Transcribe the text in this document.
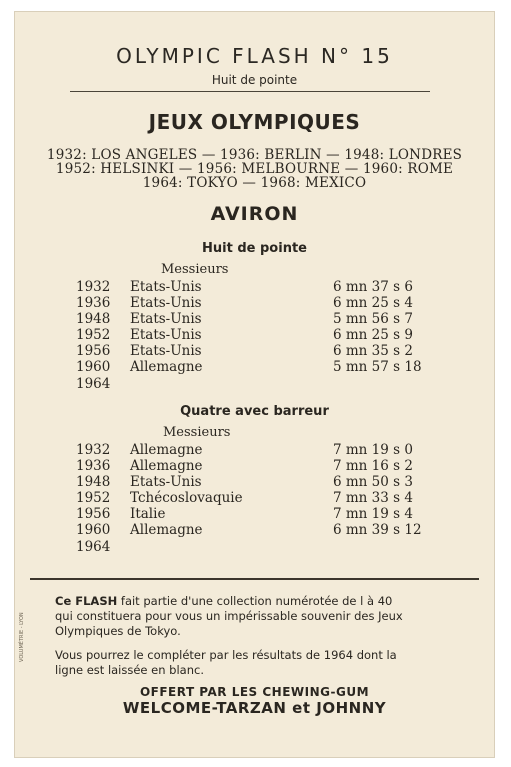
OLYMPIC FLASH N° 15
Huit de pointe
JEUX OLYMPIQUES
1932: LOS ANGELES — 1936: BERLIN — 1948: LONDRES
1952: HELSINKI — 1956: MELBOURNE — 1960: ROME
1964: TOKYO — 1968: MEXICO
AVIRON
Huit de pointe
Messieurs
1932 Etats-Unis	6 mn 37 s 6
1936 Etats-Unis	6 mn 25 s 4
1948 Etats-Unis	5 mn 56 s 7
1952 Etats-Unis	6 mn 25 s 9
1956 Etats-Unis	6 mn 35 s 2
1960 Allemagne	5 mn 57 s 18
1964
Quatre avec barreur
Messieurs
1932 Allemagne	7 mn 19 s 0
1936 Allemagne	7 mn 16 s 2
1948 Etats-Unis	6 mn 50 s 3
1952 Tchécoslovaquie	7 mn 33 s 4
1956 Italie	7 mn 19 s 4
1960 Allemagne	6 mn 39 s 12
1964
Ce FLASH fait partie d'une collection numérotée de l à 40
qui constituera pour vous un impérissable souvenir des Jeux
Olympiques de Tokyo.
Vous pourrez le compléter par les résultats de 1964 dont la
ligne est laissée en blanc.
OFFERT PAR LES CHEWING-GUM
WELCOME-TARZAN et JOHNNY
VOLUMÉTRIE - LYON
